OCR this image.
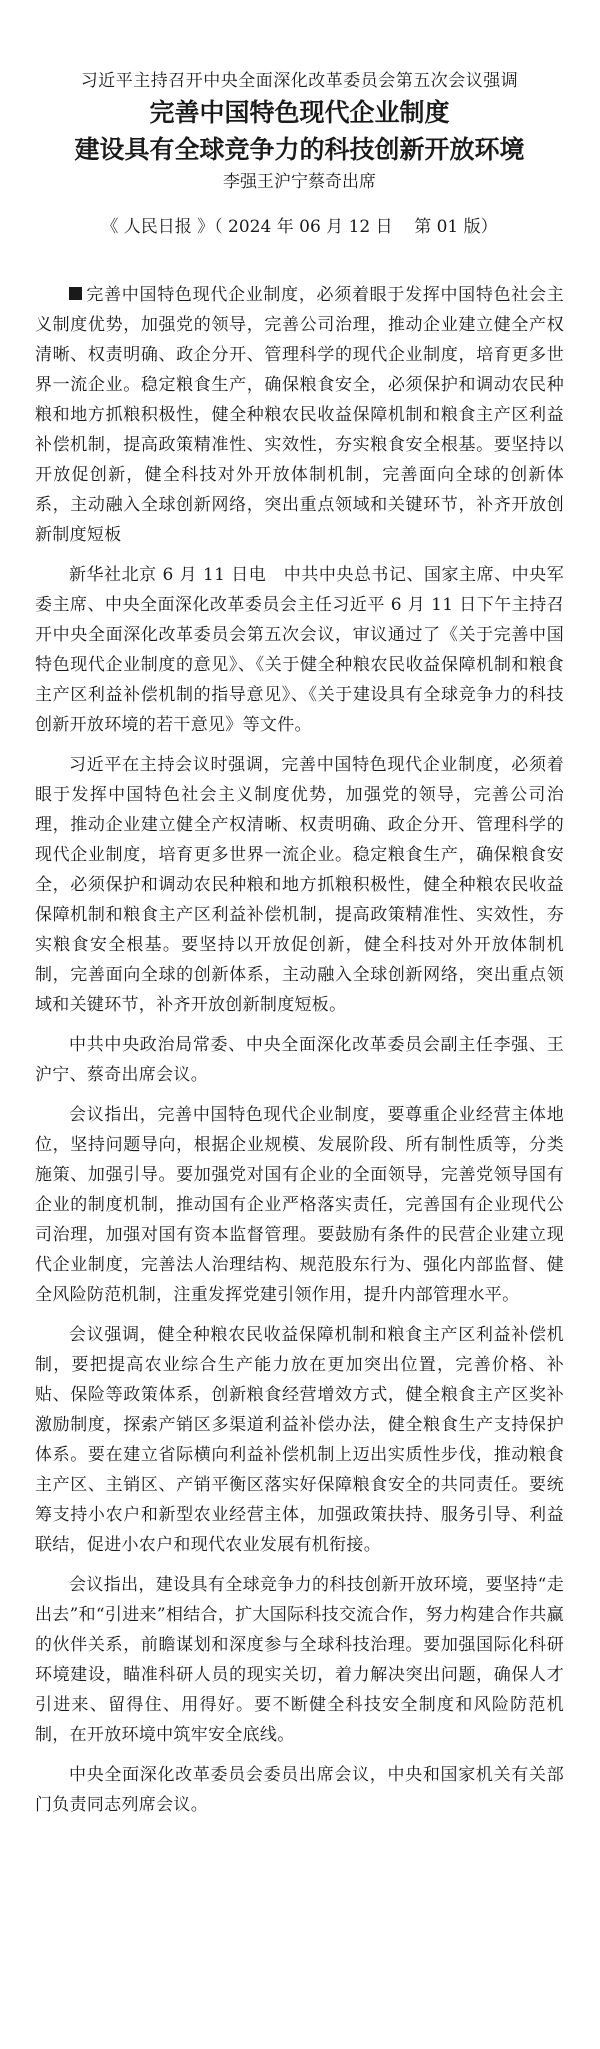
习近平主持召开中央全面深化改革委员会第五次会议强调
完善中国特色现代企业制度
建设具有全球竞争力的科技创新开放环境
李强王沪宁蔡奇出席
《 人民日报 》（ 2024 年 06 月 12 日    第 01 版）

完善中国特色现代企业制度，必须着眼于发挥中国特色社会主义制度优势，加强党的领导，完善公司治理，推动企业建立健全产权清晰、权责明确、政企分开、管理科学的现代企业制度，培育更多世界一流企业。稳定粮食生产，确保粮食安全，必须保护和调动农民种粮和地方抓粮积极性，健全种粮农民收益保障机制和粮食主产区利益补偿机制，提高政策精准性、实效性，夯实粮食安全根基。要坚持以开放促创新，健全科技对外开放体制机制，完善面向全球的创新体系，主动融入全球创新网络，突出重点领域和关键环节，补齐开放创新制度短板

新华社北京 6 月 11 日电　中共中央总书记、国家主席、中央军委主席、中央全面深化改革委员会主任习近平 6 月 11 日下午主持召开中央全面深化改革委员会第五次会议，审议通过了《关于完善中国特色现代企业制度的意见》、《关于健全种粮农民收益保障机制和粮食主产区利益补偿机制的指导意见》、《关于建设具有全球竞争力的科技创新开放环境的若干意见》等文件。

习近平在主持会议时强调，完善中国特色现代企业制度，必须着眼于发挥中国特色社会主义制度优势，加强党的领导，完善公司治理，推动企业建立健全产权清晰、权责明确、政企分开、管理科学的现代企业制度，培育更多世界一流企业。稳定粮食生产，确保粮食安全，必须保护和调动农民种粮和地方抓粮积极性，健全种粮农民收益保障机制和粮食主产区利益补偿机制，提高政策精准性、实效性，夯实粮食安全根基。要坚持以开放促创新，健全科技对外开放体制机制，完善面向全球的创新体系，主动融入全球创新网络，突出重点领域和关键环节，补齐开放创新制度短板。

中共中央政治局常委、中央全面深化改革委员会副主任李强、王沪宁、蔡奇出席会议。

会议指出，完善中国特色现代企业制度，要尊重企业经营主体地位，坚持问题导向，根据企业规模、发展阶段、所有制性质等，分类施策、加强引导。要加强党对国有企业的全面领导，完善党领导国有企业的制度机制，推动国有企业严格落实责任，完善国有企业现代公司治理，加强对国有资本监督管理。要鼓励有条件的民营企业建立现代企业制度，完善法人治理结构、规范股东行为、强化内部监督、健全风险防范机制，注重发挥党建引领作用，提升内部管理水平。

会议强调，健全种粮农民收益保障机制和粮食主产区利益补偿机制，要把提高农业综合生产能力放在更加突出位置，完善价格、补贴、保险等政策体系，创新粮食经营增效方式，健全粮食主产区奖补激励制度，探索产销区多渠道利益补偿办法，健全粮食生产支持保护体系。要在建立省际横向利益补偿机制上迈出实质性步伐，推动粮食主产区、主销区、产销平衡区落实好保障粮食安全的共同责任。要统筹支持小农户和新型农业经营主体，加强政策扶持、服务引导、利益联结，促进小农户和现代农业发展有机衔接。

会议指出，建设具有全球竞争力的科技创新开放环境，要坚持“走出去”和“引进来”相结合，扩大国际科技交流合作，努力构建合作共赢的伙伴关系，前瞻谋划和深度参与全球科技治理。要加强国际化科研环境建设，瞄准科研人员的现实关切，着力解决突出问题，确保人才引进来、留得住、用得好。要不断健全科技安全制度和风险防范机制，在开放环境中筑牢安全底线。

中央全面深化改革委员会委员出席会议，中央和国家机关有关部门负责同志列席会议。
